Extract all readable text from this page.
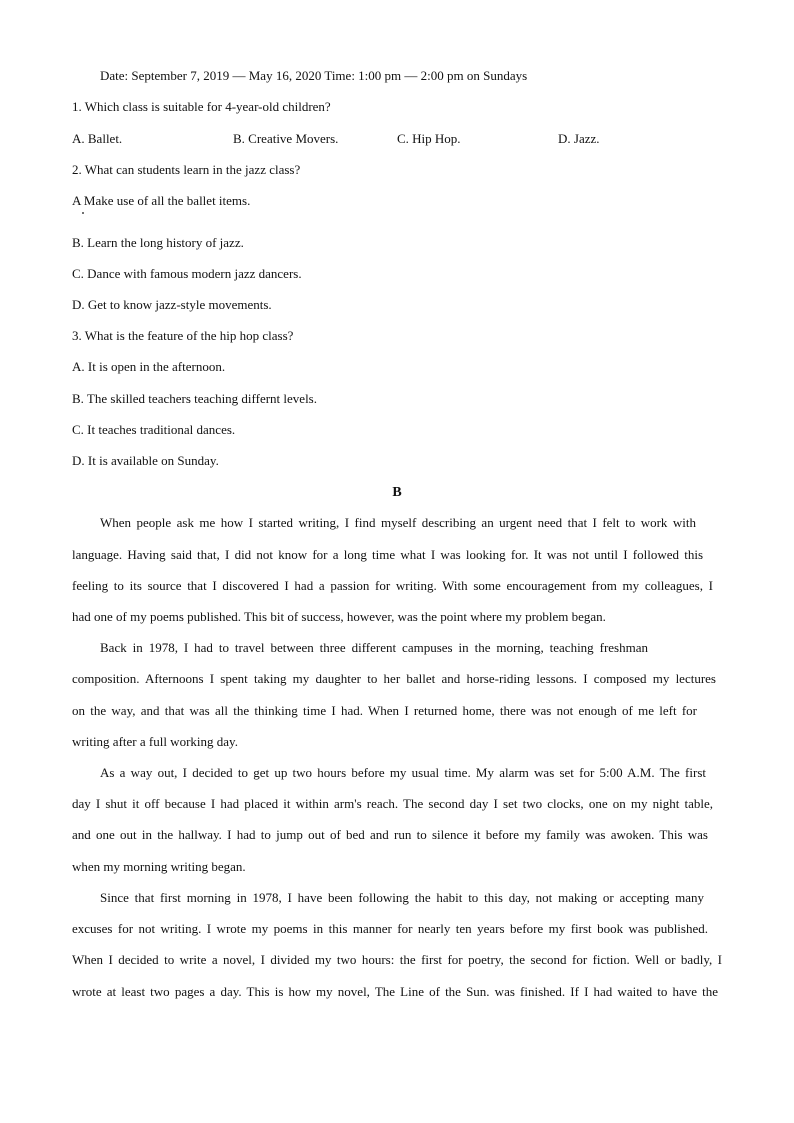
Date: September 7, 2019 — May 16, 2020 Time: 1:00 pm — 2:00 pm on Sundays
1. Which class is suitable for 4-year-old children?
A. Ballet.	B. Creative Movers.	C. Hip Hop.	D. Jazz.
2. What can students learn in the jazz class?
A Make use of all the ballet items.
B. Learn the long history of jazz.
C. Dance with famous modern jazz dancers.
D. Get to know jazz-style movements.
3. What is the feature of the hip hop class?
A. It is open in the afternoon.
B. The skilled teachers teaching differnt levels.
C. It teaches traditional dances.
D. It is available on Sunday.
B
When people ask me how I started writing, I find myself describing an urgent need that I felt to work with
language. Having said that, I did not know for a long time what I was looking for. It was not until I followed this
feeling to its source that I discovered I had a passion for writing. With some encouragement from my colleagues, I
had one of my poems published. This bit of success, however, was the point where my problem began.
Back in 1978, I had to travel between three different campuses in the morning, teaching freshman
composition. Afternoons I spent taking my daughter to her ballet and horse-riding lessons. I composed my lectures
on the way, and that was all the thinking time I had. When I returned home, there was not enough of me left for
writing after a full working day.
As a way out, I decided to get up two hours before my usual time. My alarm was set for 5:00 A.M. The first
day I shut it off because I had placed it within arm's reach. The second day I set two clocks, one on my night table,
and one out in the hallway. I had to jump out of bed and run to silence it before my family was awoken. This was
when my morning writing began.
Since that first morning in 1978, I have been following the habit to this day, not making or accepting many
excuses for not writing. I wrote my poems in this manner for nearly ten years before my first book was published.
When I decided to write a novel, I divided my two hours: the first for poetry, the second for fiction. Well or badly, I
wrote at least two pages a day. This is how my novel, The Line of the Sun. was finished. If I had waited to have the
